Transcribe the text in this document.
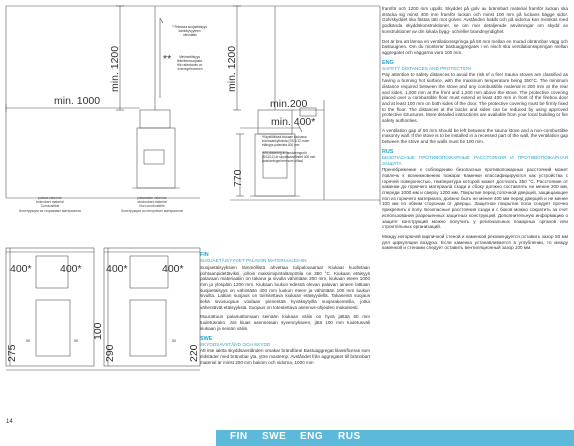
min. 1200	min. 1200
min. 1000	min.200
min. 400*
770
**
**Tekniska suojaetäisyys kantokyvyyteen vähintään
Minimietäisyys teknikerosuojasta Hiir rallenkanin ov överregetrummen
*Käyttöliikkeä kiukaan luukussa kuumaankytkoista (SS 1/12 ovien etäisyys palavista 400 mm *Vid placering av anslutningsrör (SS1/12) är skyddsavståndet 400 mm (anslutningsrören som ofitas)
400*	400* 400*	400*
275	290	220
100
50	50	50
palava rakenne
brännbart material
Combustible
Конструкции из сгораемых материалов
palamaton rakenne
obrännbart material
Non-combustible
Конструкции из негорючих материалов
FIN
SUOJAETÄISYYDET PALAVIIN MATERIAALEIHIN

Suojaetäisyyksien lämmöllistä ahvettaa tulipalovaaraa! Kiukaat kuolletaan pohtaanpidettäviksi, jolloin maksimipintalämpötila on 350 °C. Kiukaan etäisyys palavaan materiaaliin on takana ja sivulla vähintään 200 mm, kiukaan eteen 1000 mm ja ylöspäin 1200 mm. Kiukaan luukun edessä olevan palavan aineen lattiaan suojaetäisyys on vähintään 400 mm luukun eteen ja vähintään 100 mm luukun sivuilta. Lattian suojaus on toimitettava kiukaan etäisyydellä. Takaseinä suojaus sekä sivusuojaus voidaan pienentää hyväksytyillä suojarakenteilla, jotka vähentävät etäisyyksiä. Suojaus on toteutettava asennus-ohjeiden mukaisesti.

Muurattuun palamattomaan seinään kiukaan väliin on hyvä jättää 50 mm tuuletusrako. Jos kiuas asennetaan syvennykseen, jätä 100 mm tuuletusväli kiukaan ja seinän väliin.

SWE
SKYDDSAVSTÅND OCH SKYDD

Att inte iaktta skyddsavstånden orsakar brandfara! Bastuaggregat klassificeras som eldstäder med brännbar yta, yttre maxtemp. Avståndet från aggregatet till brännbart material är minst 200 mm bakom och sidorna, 1000 mm

framför och 1200 mm uppåt. Skyddet på golv av brännbart material framför luckan ska sträcka sig minst 400 mm framför luckan och minst 100 mm på luckans bägge sidor. Golvskyddet ska fästas tätt mot golvet. Avstånden bakåt och på sidorna kan minskas med godkända skyddskonstruktioner, se om mer detaljerade anvisningar om skydd av konstruktioner av din lokala bygg- och/eller brandmyndighet.

Det är bra att lämna en ventilationsspringa på 50 mm mellan en murad obrännbar vägg och bastuugnen. Om du monterar bastuaggregatet i en nisch ska ventilationsspringan mellan aggregatet och väggarna vara 100 mm.

ENG
SAFETY DISTANCES AND PROTECTION

Pay attention to safety distances to avoid the risk of a fire! Sauna stoves are classified as having a burning hot surface, with the maximum temperature being 350°C. The minimum distance required between the stove and any combustible material is 200 mm at the rear and sides, 1,000 mm at the front and 1,200 mm above the stove. The protective covering placed over a combustible floor must extend at least 400 mm in front of the firebox door and at least 100 mm on both sides of the door. The protective covering must be firmly fixed to the floor. The distances at the backs and sides can be reduced by using approved protective structures. More detailed instructions are available from your local building or fire safety authorities.

A ventilation gap of 50 mm should be left between the sauna stove and a non-combustible masonry wall. If the stove is to be installed in a recessed part of the wall, the ventilation gap between the stove and the walls must be 100 mm.

RUS
БЕЗОПАСНЫЕ ПРОТИВОПОЖАРНЫЕ РАССТОЯНИЯ И ПРОТИВОПОЖАРНАЯ ЗАЩИТА

Пренебрежение к соблюдению безопасных противопожарных расстояний может повлечь к возникновению пожара! Каменки классифицируются как устройства с горячей поверхностью, температура которой может достигать 350 °С. Расстояние от каменки до горючего материала сзади и сбоку должно составлять не менее 200 мм, спереди 1000 мм и сверху 1200 мм. Покрытие перед топочной дверцей, защищающее пол из горючего материала, должно быть не менее 400 мм перед дверцей и не менее 100 мм по обеим сторонам от дверцы. Защитное покрытие пола следует прочно прикрепить к полу. Безопасные расстояния сзади и с боков можно сократить за счет использования разрешенных защитных конструкций. Дополнительную информацию о защите конструкций можно получить у региональных пожарных органов или строительных организаций.

Между негорючей кирпичной стеной и каменкой рекомендуется оставить зазор 50 мм для циркуляции воздуха. Если каменка устанавливается в углублении, то между каменкой и стенами следует оставить вентиляционный зазор 100 мм.

14
FIN SWE ENG RUS
